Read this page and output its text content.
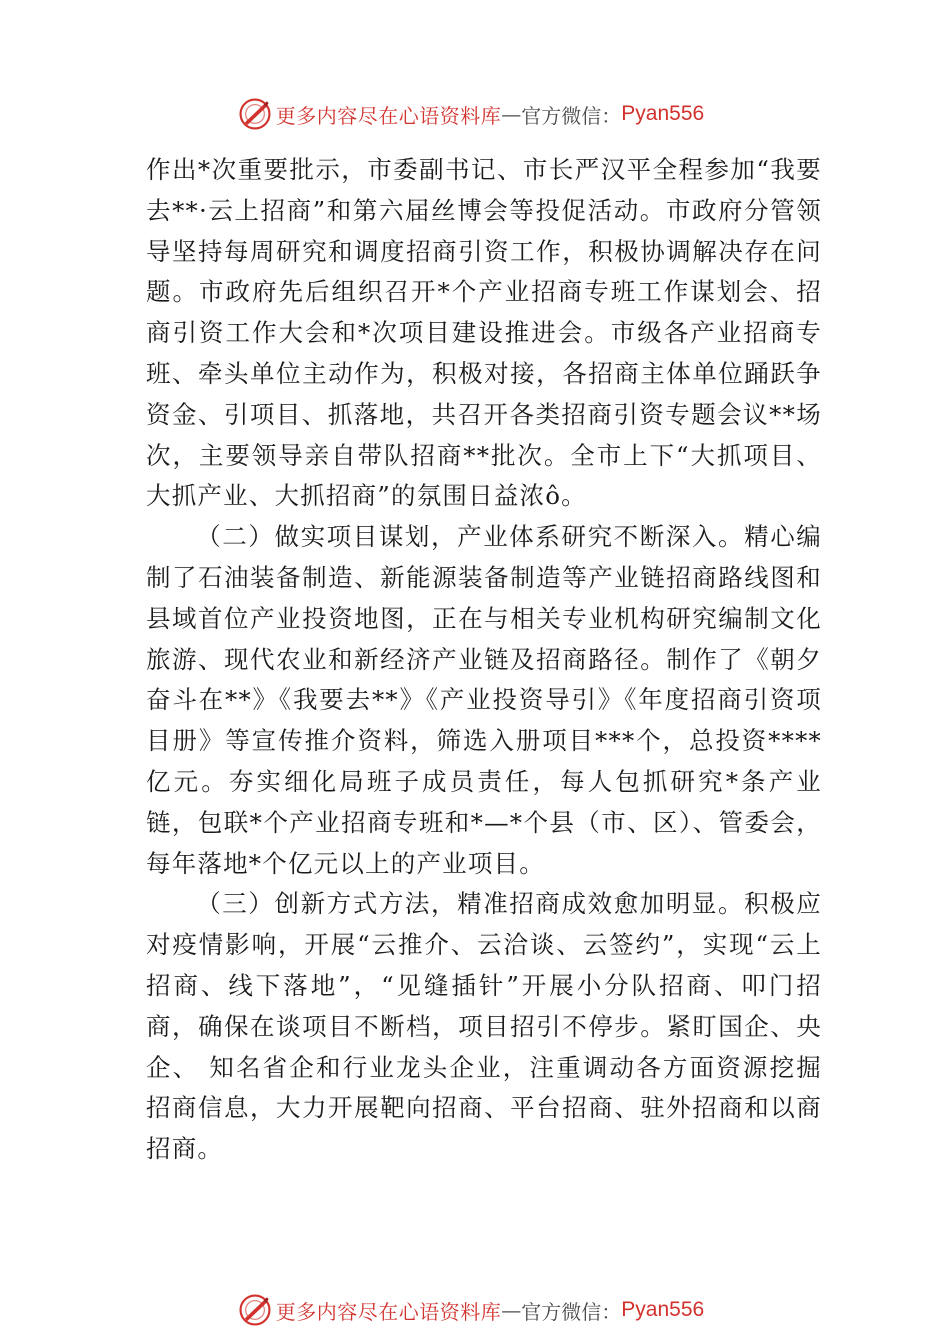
更多内容尽在心语资料库 — 官方微信： Pyan556

作出*次重要批示，市委副书记、市长严汉平全程参加“我要去**·云上招商”和第六届丝博会等投促活动。市政府分管领导坚持每周研究和调度招商引资工作，积极协调解决存在问题。市政府先后组织召开*个产业招商专班工作谋划会、招商引资工作大会和*次项目建设推进会。市级各产业招商专班、牵头单位主动作为，积极对接，各招商主体单位踊跃争资金、引项目、抓落地，共召开各类招商引资专题会议**场次，主要领导亲自带队招商**批次。全市上下“大抓项目、 大抓产业、大抓招商”的氛围日益浓ô。

（二）做实项目谋划，产业体系研究不断深入。精心编制了石油装备制造、新能源装备制造等产业链招商路线图和县域首位产业投资地图，正在与相关专业机构研究编制文化旅游、现代农业和新经济产业链及招商路径。制作了《朝夕奋斗在**》《我要去**》《产业投资导引》《年度招商引资项目册》等宣传推介资料，筛选入册项目***个，总投资****亿元。夯实细化局班子成员责任，每人包抓研究*条产业链，包联*个产业招商专班和*—*个县（市、区）、管委会，每年落地*个亿元以上的产业项目。

（三）创新方式方法，精准招商成效愈加明显。积极应对疫情影响，开展“云推介、云洽谈、云签约”，实现“云上招商、线下落地”，“见缝插针”开展小分队招商、叩门招商，确保在谈项目不断档，项目招引不停步。紧盯国企、央企、 知名省企和行业龙头企业，注重调动各方面资源挖掘招商信息，大力开展靶向招商、平台招商、驻外招商和以商招商。

更多内容尽在心语资料库 — 官方微信： Pyan556
